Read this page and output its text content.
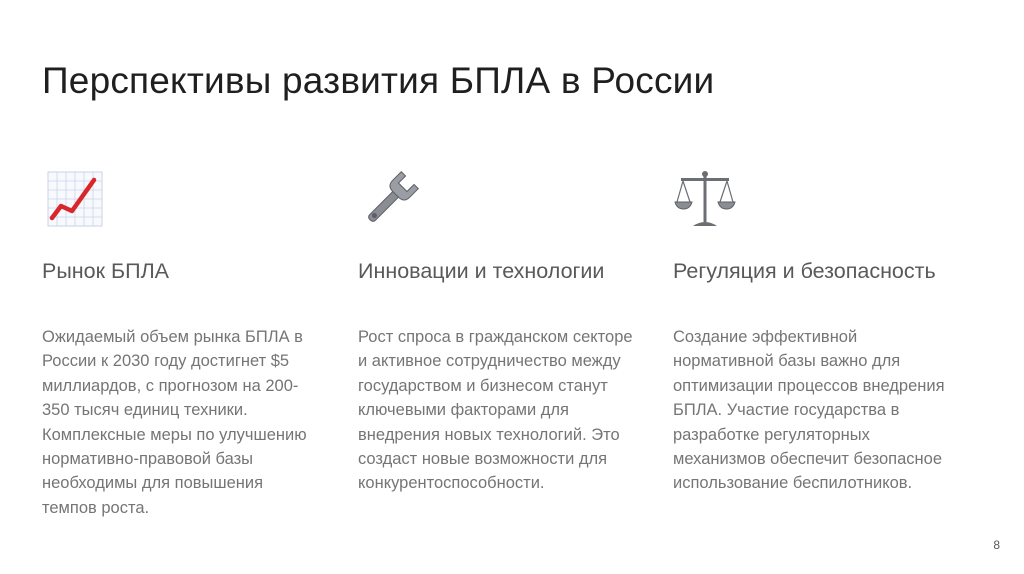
Перспективы развития БПЛА в России
Рынок БПЛА
Ожидаемый объем рынка БПЛА в России к 2030 году достигнет $5 миллиардов, с прогнозом на 200-350 тысяч единиц техники. Комплексные меры по улучшению нормативно-правовой базы необходимы для повышения темпов роста.
Инновации и технологии
Рост спроса в гражданском секторе и активное сотрудничество между государством и бизнесом станут ключевыми факторами для внедрения новых технологий. Это создаст новые возможности для конкурентоспособности.
Регуляция и безопасность
Создание эффективной нормативной базы важно для оптимизации процессов внедрения БПЛА. Участие государства в разработке регуляторных механизмов обеспечит безопасное использование беспилотников.
8
